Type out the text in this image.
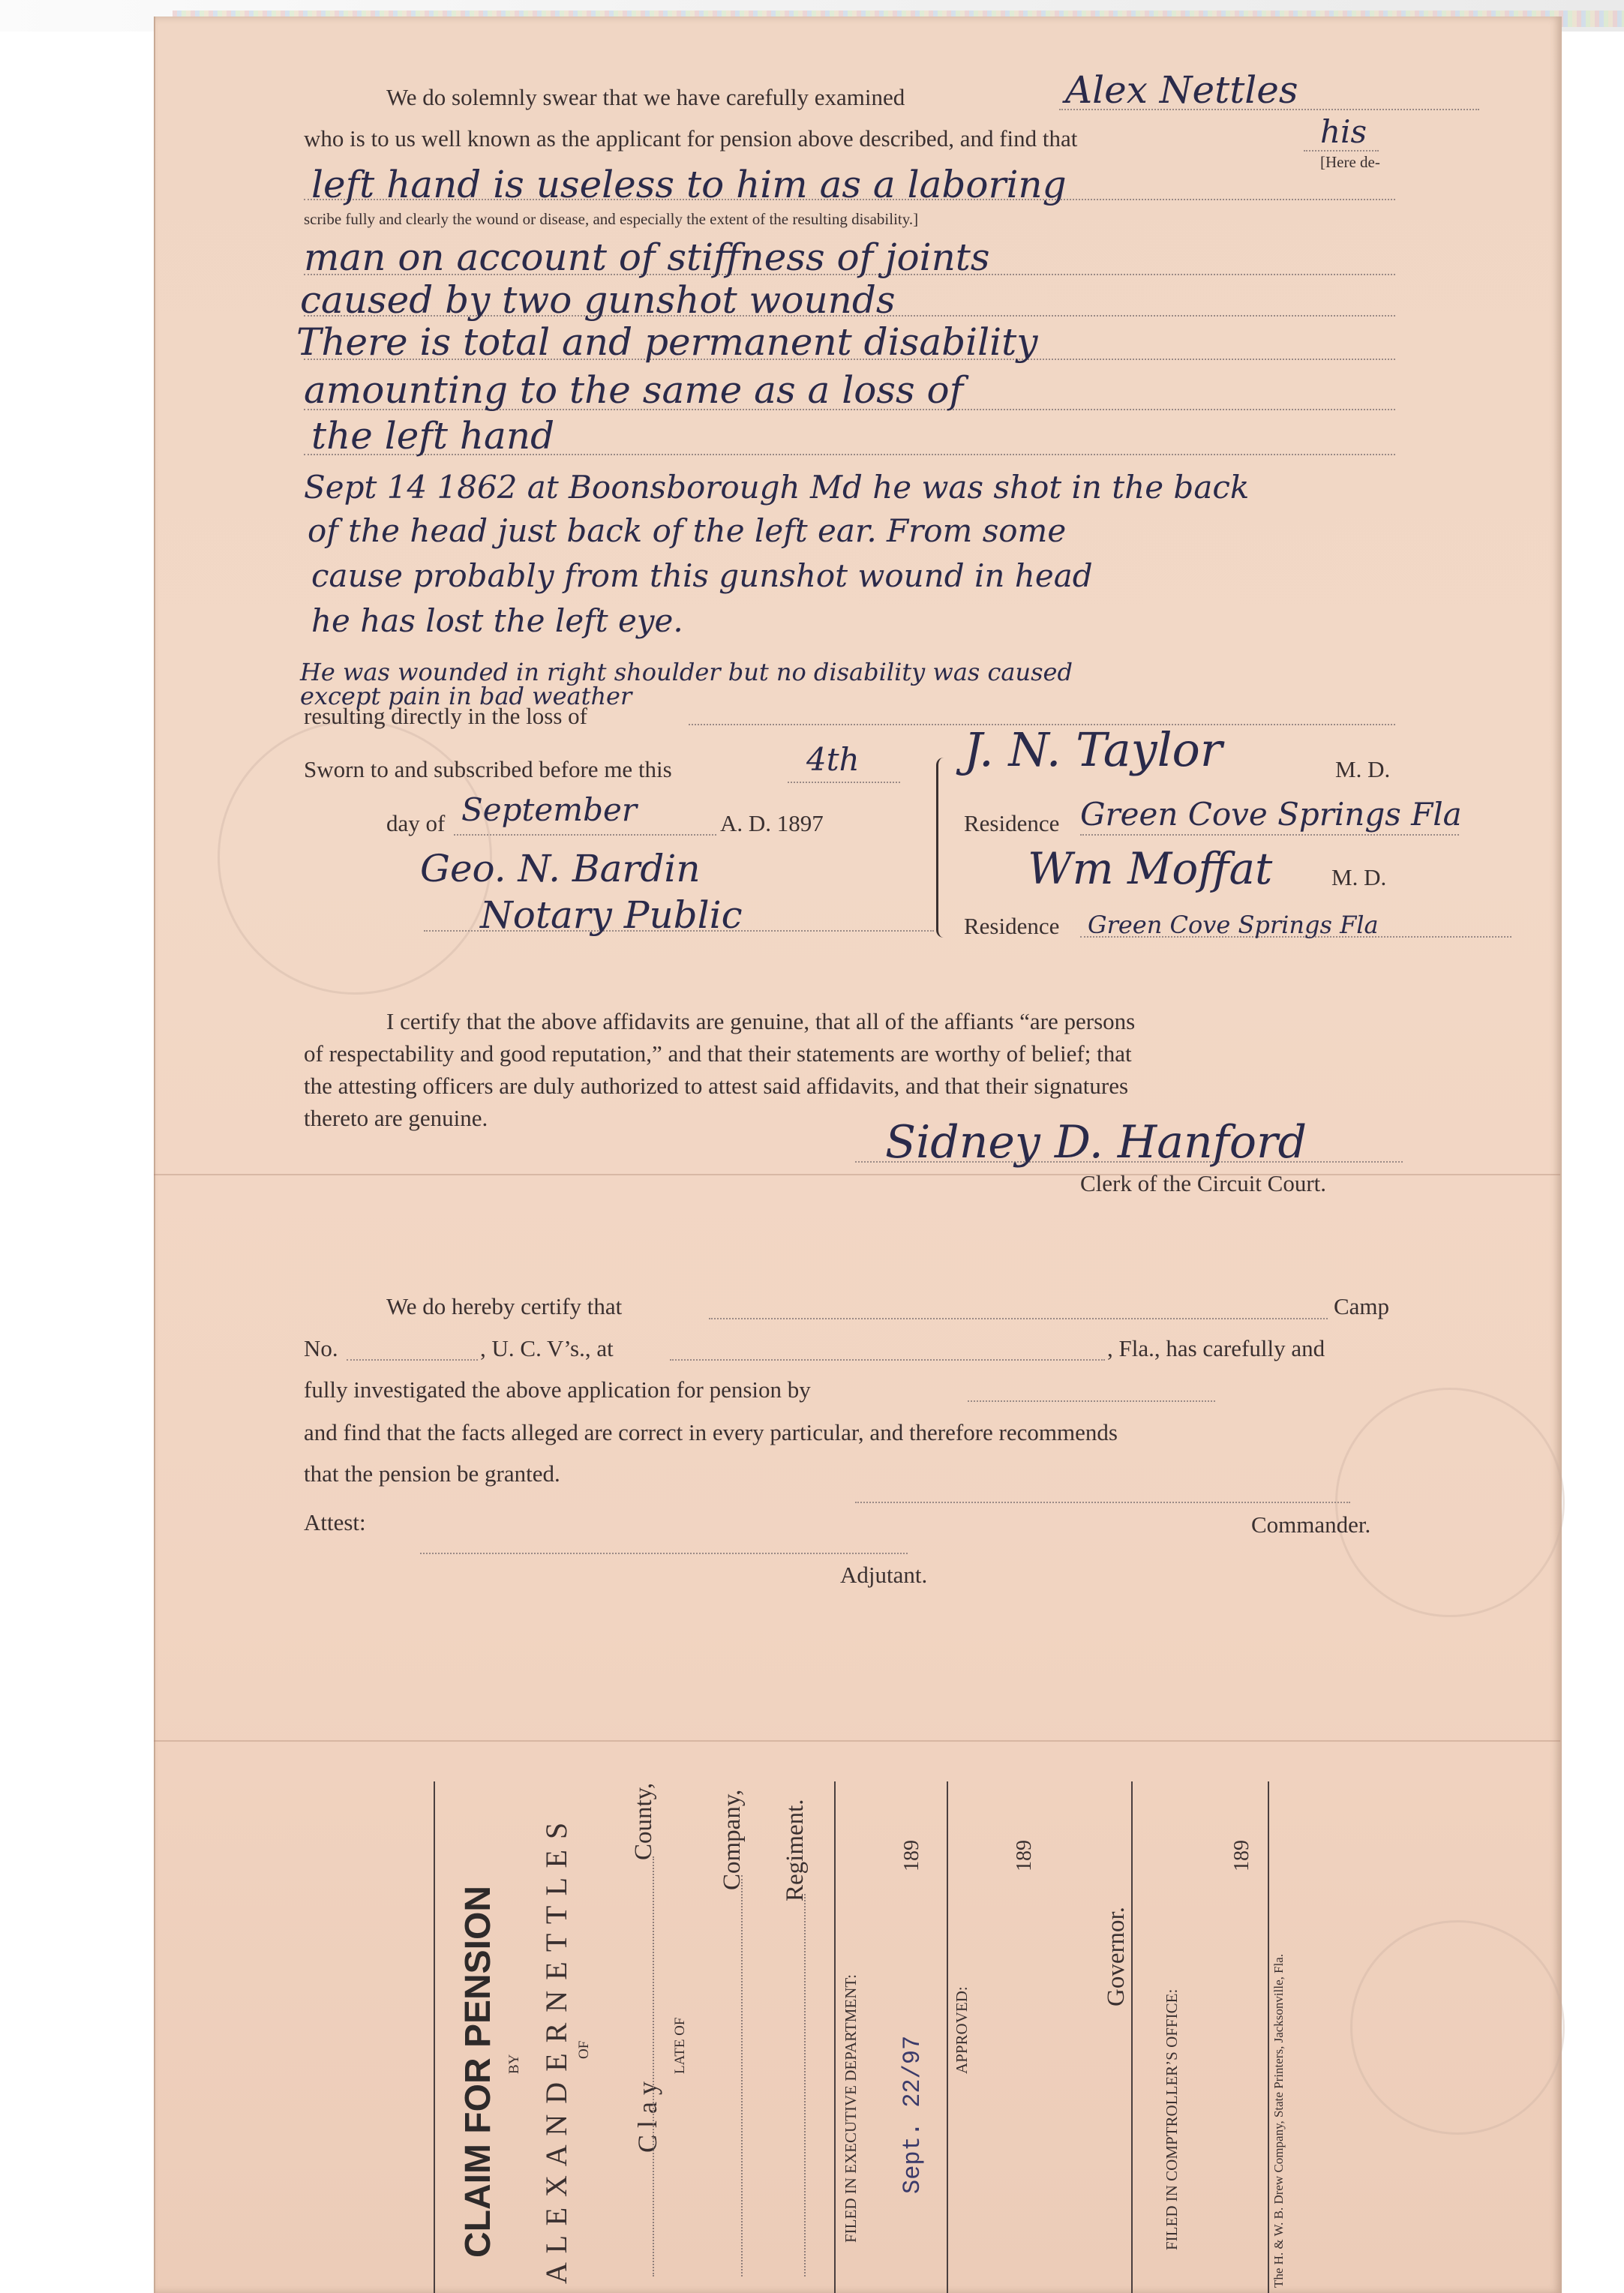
We do solemnly swear that we have carefully examined	Alex Nettles
who is to us well known as the applicant for pension above described, and find that	his
[Here de-
left hand is useless to him as a laboring
scribe fully and clearly the wound or disease, and especially the extent of the resulting disability.]
man on account of stiffness of joints
caused by two gunshot wounds
There is total and permanent disability
amounting to the same as a loss of
the left hand
Sept 14 1862 at Boonsborough Md he was shot in the back
of the head just back of the left ear. From some
cause probably from this gunshot wound in head
he has lost the left eye.
He was wounded in right shoulder but no disability was caused
except pain in bad weather
resulting directly in the loss of
Sworn to and subscribed before me this	4th
day of September	A. D. 1897
Geo. N. Bardin
Notary Public
J. N. Taylor	M. D.
Residence Green Cove Springs Fla
Wm Moffat	M. D.
Residence Green Cove Springs Fla
I certify that the above affidavits are genuine, that all of the affiants “are persons
of respectability and good reputation,” and that their statements are worthy of belief; that
the attesting officers are duly authorized to attest said affidavits, and that their signatures
thereto are genuine.	Sidney D. Hanford
Clerk of the Circuit Court.
We do hereby certify that	Camp
No.	, U. C. V’s., at	, Fla., has carefully and
fully investigated the above application for pension by
and find that the facts alleged are correct in every particular, and therefore recommends
that the pension be granted.
Attest:	Commander.
Adjutant.
CLAIM FOR PENSION BY A L E X A N D E R N E T T L E S OF
C l a y
County,
LATE OF
Company, Regiment.
FILED IN EXECUTIVE DEPARTMENT: Sept. 22/97
189
APPROVED:
189
Governor.
FILED IN COMPTROLLER’S OFFICE:
189
The H. & W. B. Drew Company, State Printers, Jacksonville, Fla.
